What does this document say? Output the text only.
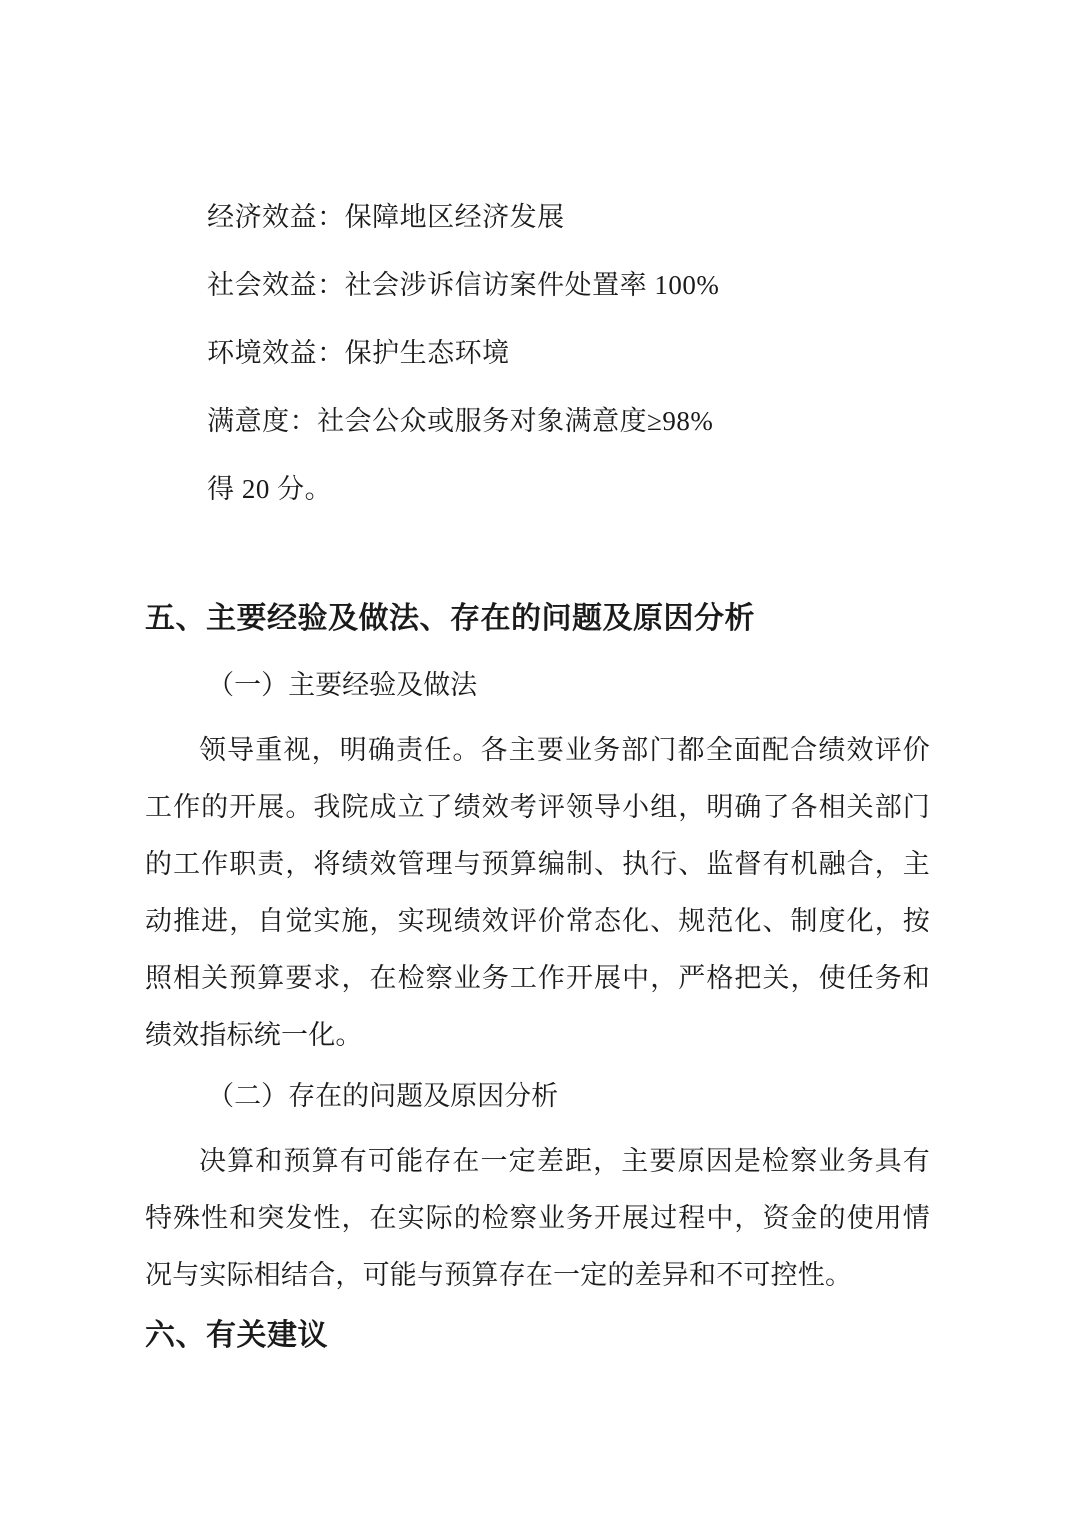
经济效益：保障地区经济发展

社会效益：社会涉诉信访案件处置率 100%

环境效益：保护生态环境

满意度：社会公众或服务对象满意度≥98%

得 20 分。

五、主要经验及做法、存在的问题及原因分析

（一）主要经验及做法

领导重视，明确责任。各主要业务部门都全面配合绩效评价工作的开展。我院成立了绩效考评领导小组，明确了各相关部门的工作职责，将绩效管理与预算编制、执行、监督有机融合，主动推进，自觉实施，实现绩效评价常态化、规范化、制度化，按照相关预算要求，在检察业务工作开展中，严格把关，使任务和绩效指标统一化。

（二）存在的问题及原因分析

决算和预算有可能存在一定差距，主要原因是检察业务具有特殊性和突发性，在实际的检察业务开展过程中，资金的使用情况与实际相结合，可能与预算存在一定的差异和不可控性。

六、有关建议
